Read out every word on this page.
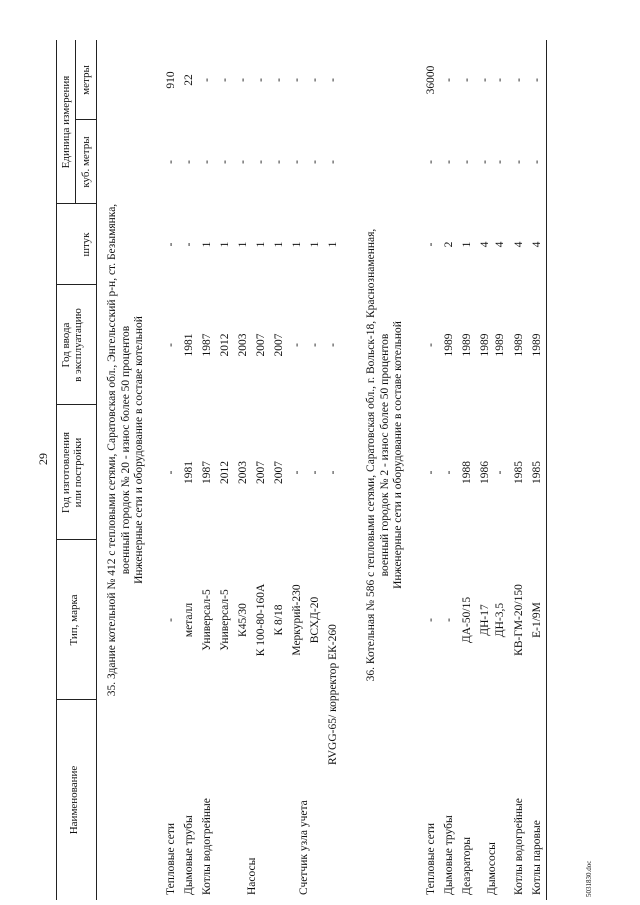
29
Наименование
Тип, марка
Год изготовления или постройки
Год ввода в эксплуатацию
Единица измерения
штук
куб. метры
метры
35. Здание котельной № 412 с тепловыми сетями, Саратовская обл., Энгельсский р-н, ст. Безымянка, военный городок № 20 - износ более 50 процентов Инженерные сети и оборудование в составе котельной
Тепловые сети
-
-
-
-
-
910
Дымовые трубы
металл
1981
1981
-
-
22
Котлы водогрейные
Универсал-5
1987
1987
1
-
-
Универсал-5
2012
2012
1
-
-
Насосы
К45/30
2003
2003
1
-
-
К 100-80-160А
2007
2007
1
-
-
К 8/18
2007
2007
1
-
-
Счетчик узла учета
Меркурий-230
-
-
1
-
-
ВСХД-20
-
-
1
-
-
RVGG-65/ корректор ЕК-260
-
-
1
-
-
36. Котельная № 586 с тепловыми сетями, Саратовская обл., г. Вольск-18, Краснознаменная, военный городок № 2 - износ более 50 процентов Инженерные сети и оборудование в составе котельной
Тепловые сети
-
-
-
-
-
36000
Дымовые трубы
-
-
1989
2
-
-
Деаэраторы
ДА-50/15
1988
1989
1
-
-
Дымососы
ДН-17
1986
1989
4
-
-
ДН-3,5
-
1989
4
-
-
Котлы водогрейные
КВ-ГМ-20/150
1985
1989
4
-
-
Котлы паровые
Е-1/9М
1985
1989
4
-
-
5031830.doc
